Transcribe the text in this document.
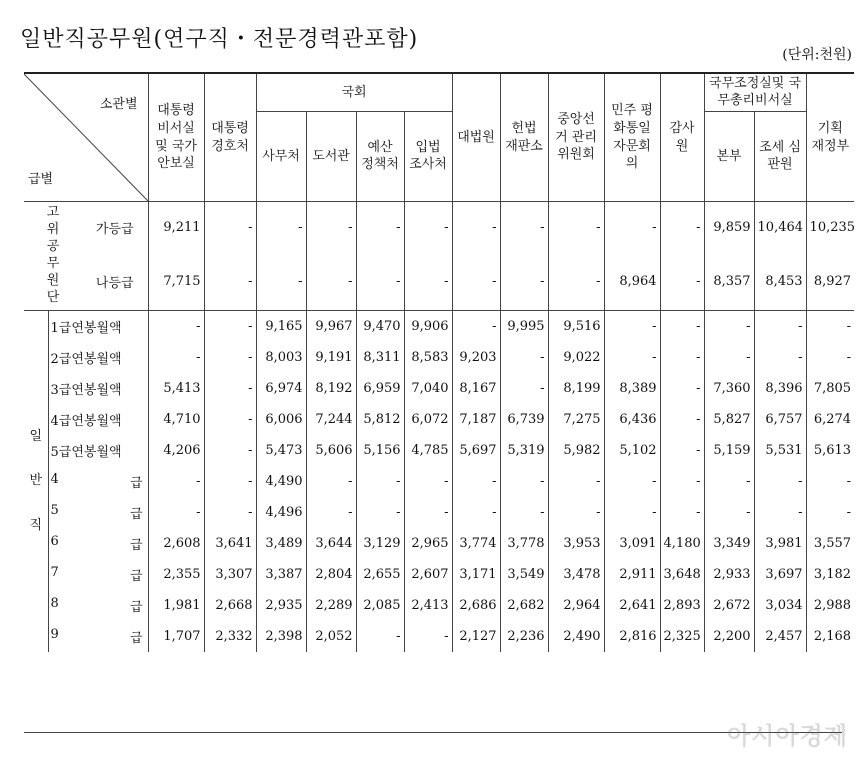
일반직공무원(연구직・전문경력관포함)
(단위:천원)
소관별
급별			대통령 비서실및 국가안보실	대통령 경호처	국회				대법원	헌법 재판소	중앙선거 관리 위원회	민주 평화통일 자문회의	감사원	국무조정실및 국무총리비서실		기획 재정부
					사무처	도서관	예산 정책처	입법 조사처						본부	조세 심판원	
고위공무원단		가등급	9,211	-	-	-	-	-	-	-	-	-	-	9,859	10,464	10,235
		나등급	7,715	-	-	-	-	-	-	-	-	8,964	-	8,357	8,453	8,927
일반직	1급연봉월액		-	-	9,165	9,967	9,470	9,906	-	9,995	9,516	-	-	-	-	-
	2급연봉월액		-	-	8,003	9,191	8,311	8,583	9,203	-	9,022	-	-	-	-	-
	3급연봉월액		5,413	-	6,974	8,192	6,959	7,040	8,167	-	8,199	8,389	-	7,360	8,396	7,805
	4급연봉월액		4,710	-	6,006	7,244	5,812	6,072	7,187	6,739	7,275	6,436	-	5,827	6,757	6,274
	5급연봉월액		4,206	-	5,473	5,606	5,156	4,785	5,697	5,319	5,982	5,102	-	5,159	5,531	5,613
	4 급		-	-	4,490	-	-	-	-	-	-	-	-	-	-	-
	5 급		-	-	4,496	-	-	-	-	-	-	-	-	-	-	-
	6 급		2,608	3,641	3,489	3,644	3,129	2,965	3,774	3,778	3,953	3,091	4,180	3,349	3,981	3,557
	7 급		2,355	3,307	3,387	2,804	2,655	2,607	3,171	3,549	3,478	2,911	3,648	2,933	3,697	3,182
	8 급		1,981	2,668	2,935	2,289	2,085	2,413	2,686	2,682	2,964	2,641	2,893	2,672	3,034	2,988
	9 급		1,707	2,332	2,398	2,052	-	-	2,127	2,236	2,490	2,816	2,325	2,200	2,457	2,168
아시아경제
